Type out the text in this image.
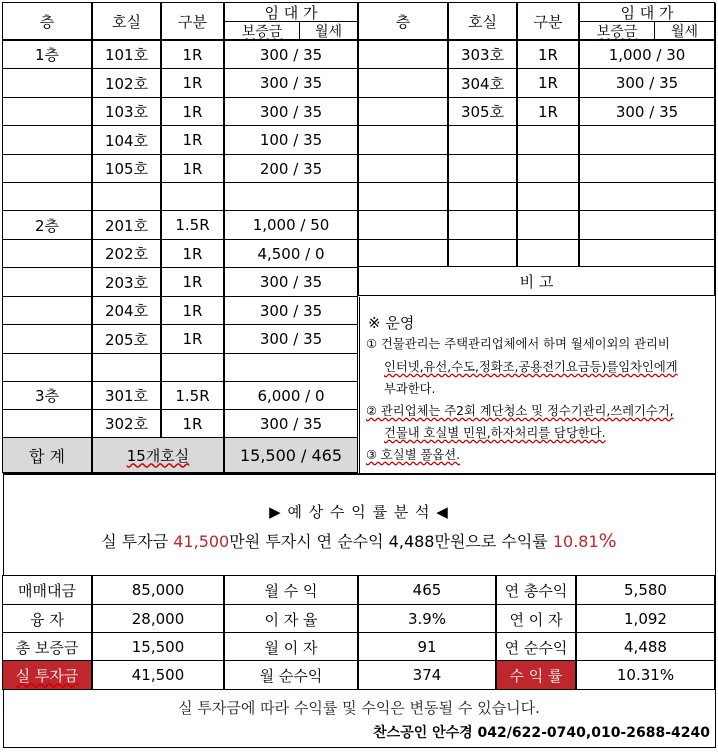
층	호실	구분	임 대 가
보증금	월세
층	호실	구분	임 대 가
보증금	월세
1층	101호	1R	300 / 35
102호	1R	300 / 35
103호	1R	300 / 35
104호	1R	100 / 35
105호	1R	200 / 35
2층	201호	1.5R	1,000 / 50
202호	1R	4,500 / 0
203호	1R	300 / 35
204호	1R	300 / 35
205호	1R	300 / 35
3층	301호	1.5R	6,000 / 0
302호	1R	300 / 35
303호	1R	1,000 / 30
304호	1R	300 / 35
305호	1R	300 / 35
합 계	15개호실	15,500 / 465
비 고
※ 운영
① 건물관리는 주택관리업체에서 하며 월세이외의 관리비
인터넷,유선,수도,정화조,공용전기요금등)를임차인에게
부과한다.
② 관리업체는 주2회 계단청소 및 정수기관리,쓰레기수거,
건물내 호실별 민원,하자처리를 담당한다.
③ 호실별 풀옵션.
▶ 예 상 수 익 률 분 석 ◀
실 투자금 41,500만원 투자시 연 순수익 4,488만원으로 수익률 10.81%
매매대금	85,000	월 수 익	465	연 총수익	5,580
융 자	28,000	이 자 율	3.9%	연 이 자	1,092
총 보증금	15,500	월 이 자	91	연 순수익	4,488
실 투자금	41,500	월 순수익	374	수 익 률	10.31%
실 투자금에 따라 수익률 및 수익은 변동될 수 있습니다.
찬스공인 안수경 042/622-0740,010-2688-4240
